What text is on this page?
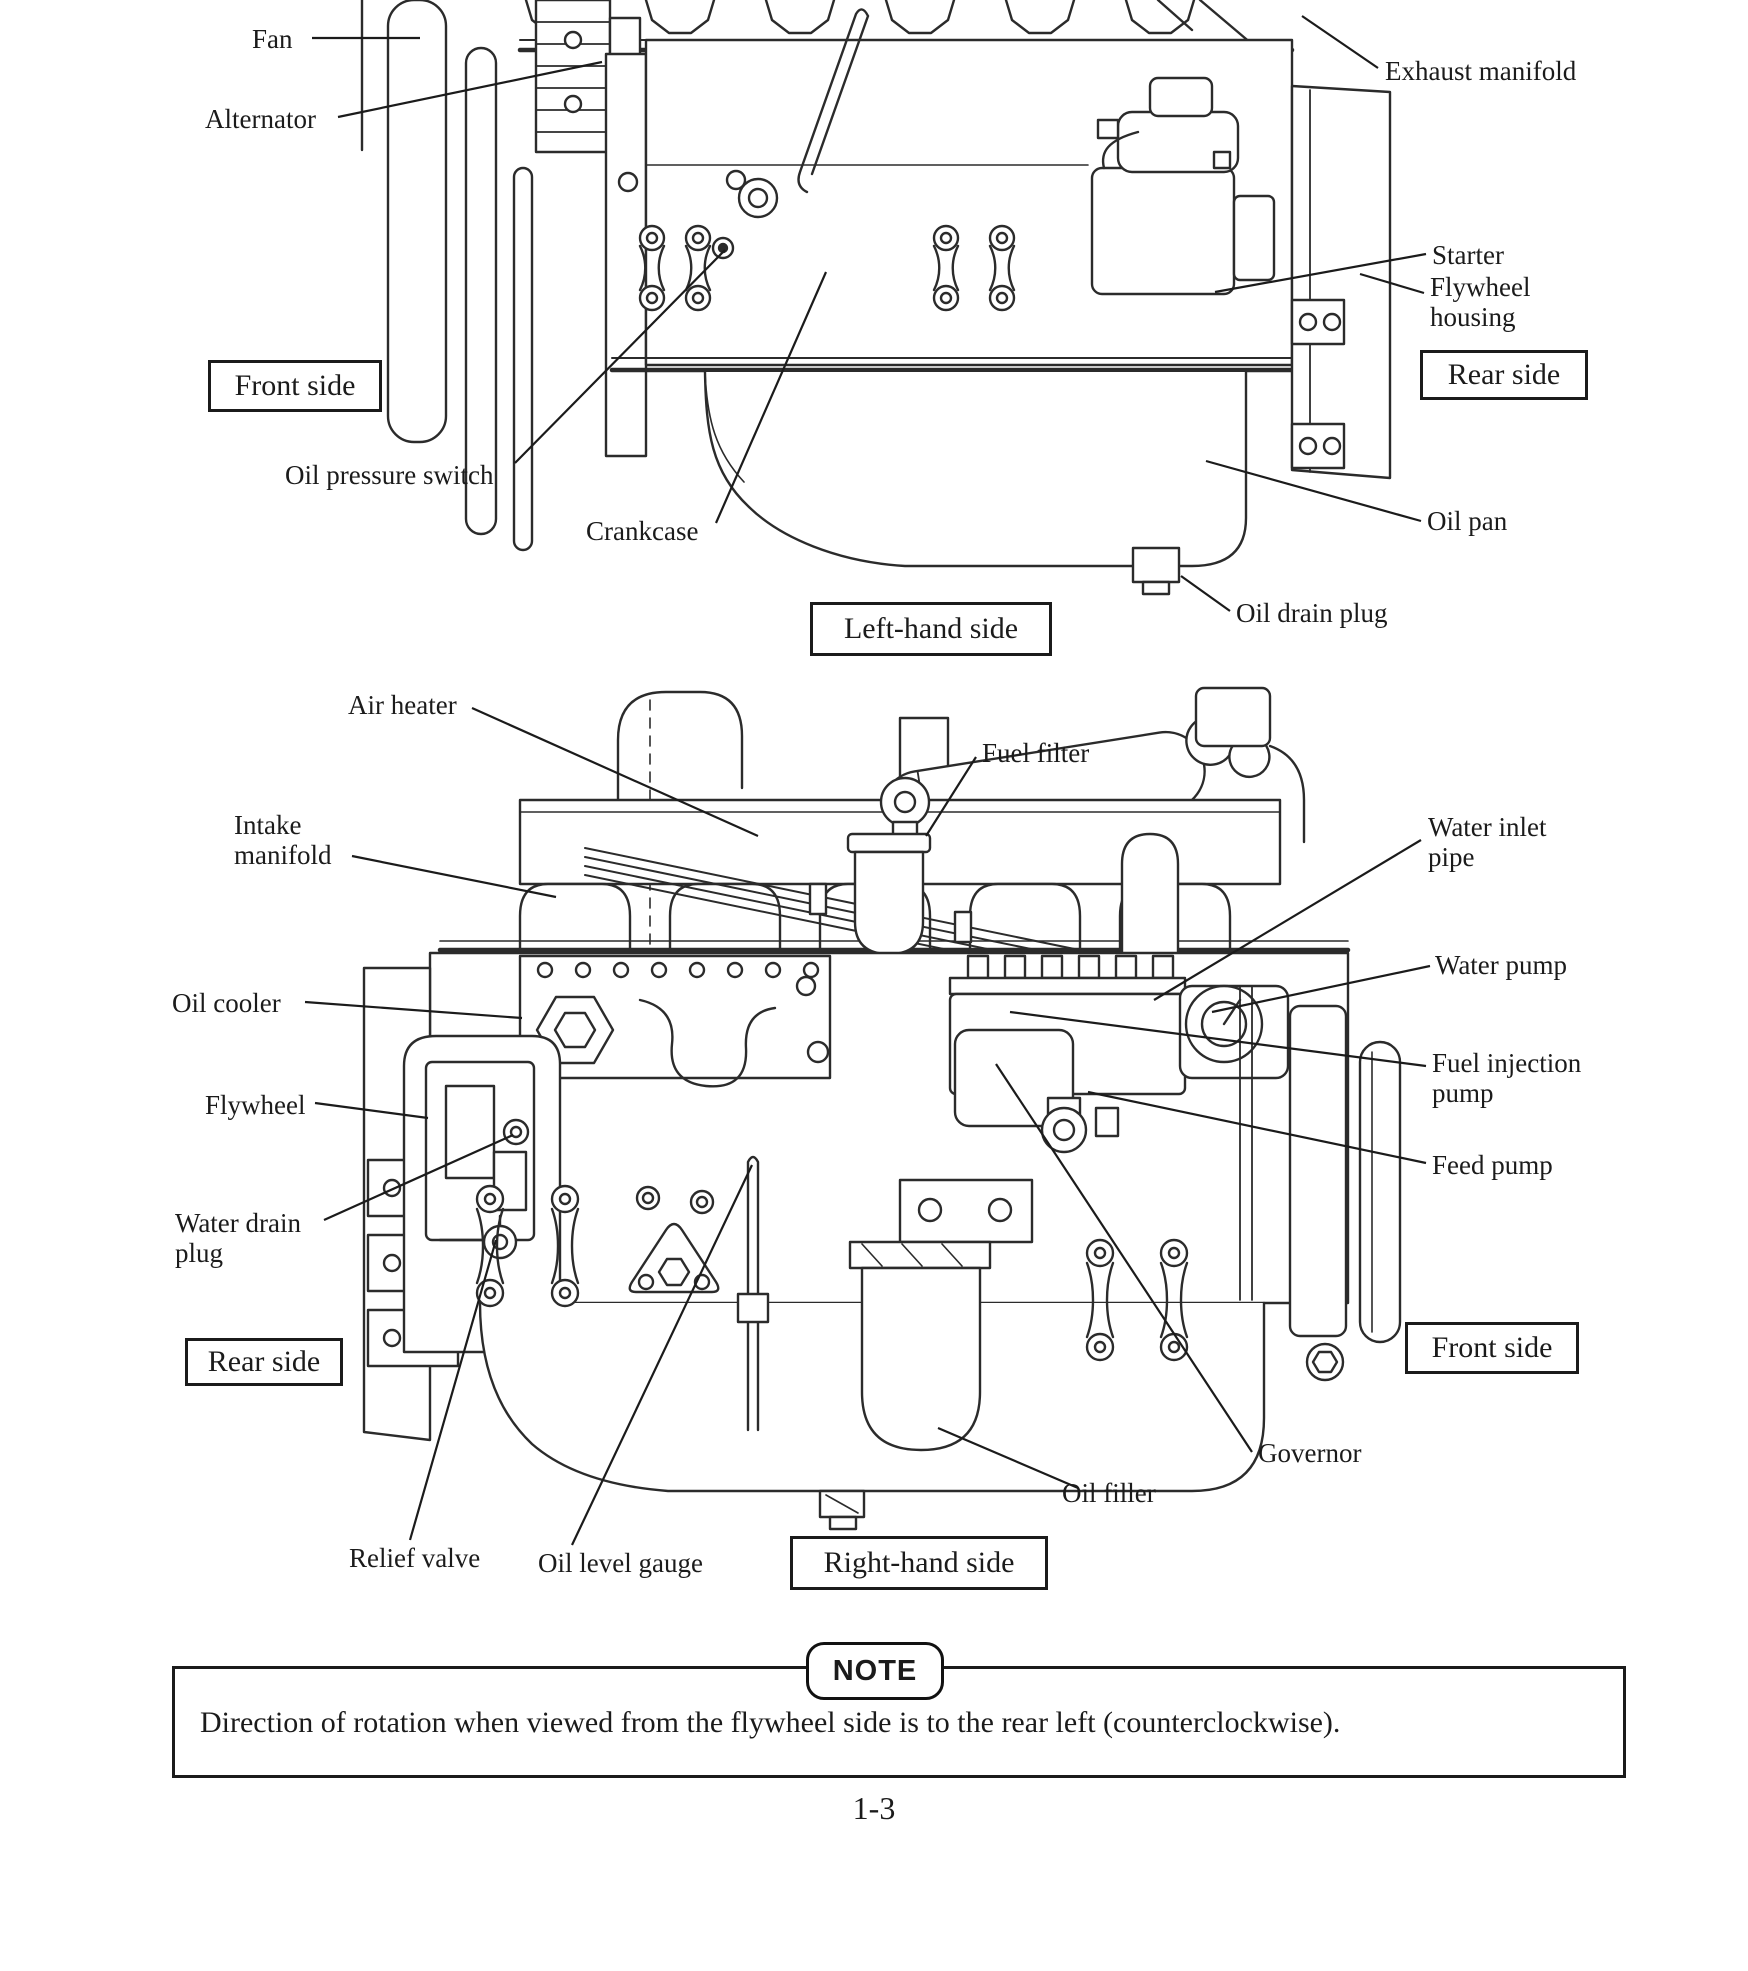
Fan
Alternator
Exhaust manifold
Starter
Flywheel housing
Oil pressure switch
Crankcase	Oil pan
Oil drain plug
Front side	Rear side
Left-hand side
Air heater
Fuel filter
Intake manifold
Water inlet pipe
Water pump
Oil cooler
Fuel injection pump
Flywheel
Feed pump
Water drain plug
Governor
Oil filler
Relief valve Oil level gauge
Rear side	Front side
Right-hand side
NOTE
Direction of rotation when viewed from the flywheel side is to the rear left (counterclockwise).
1-3
